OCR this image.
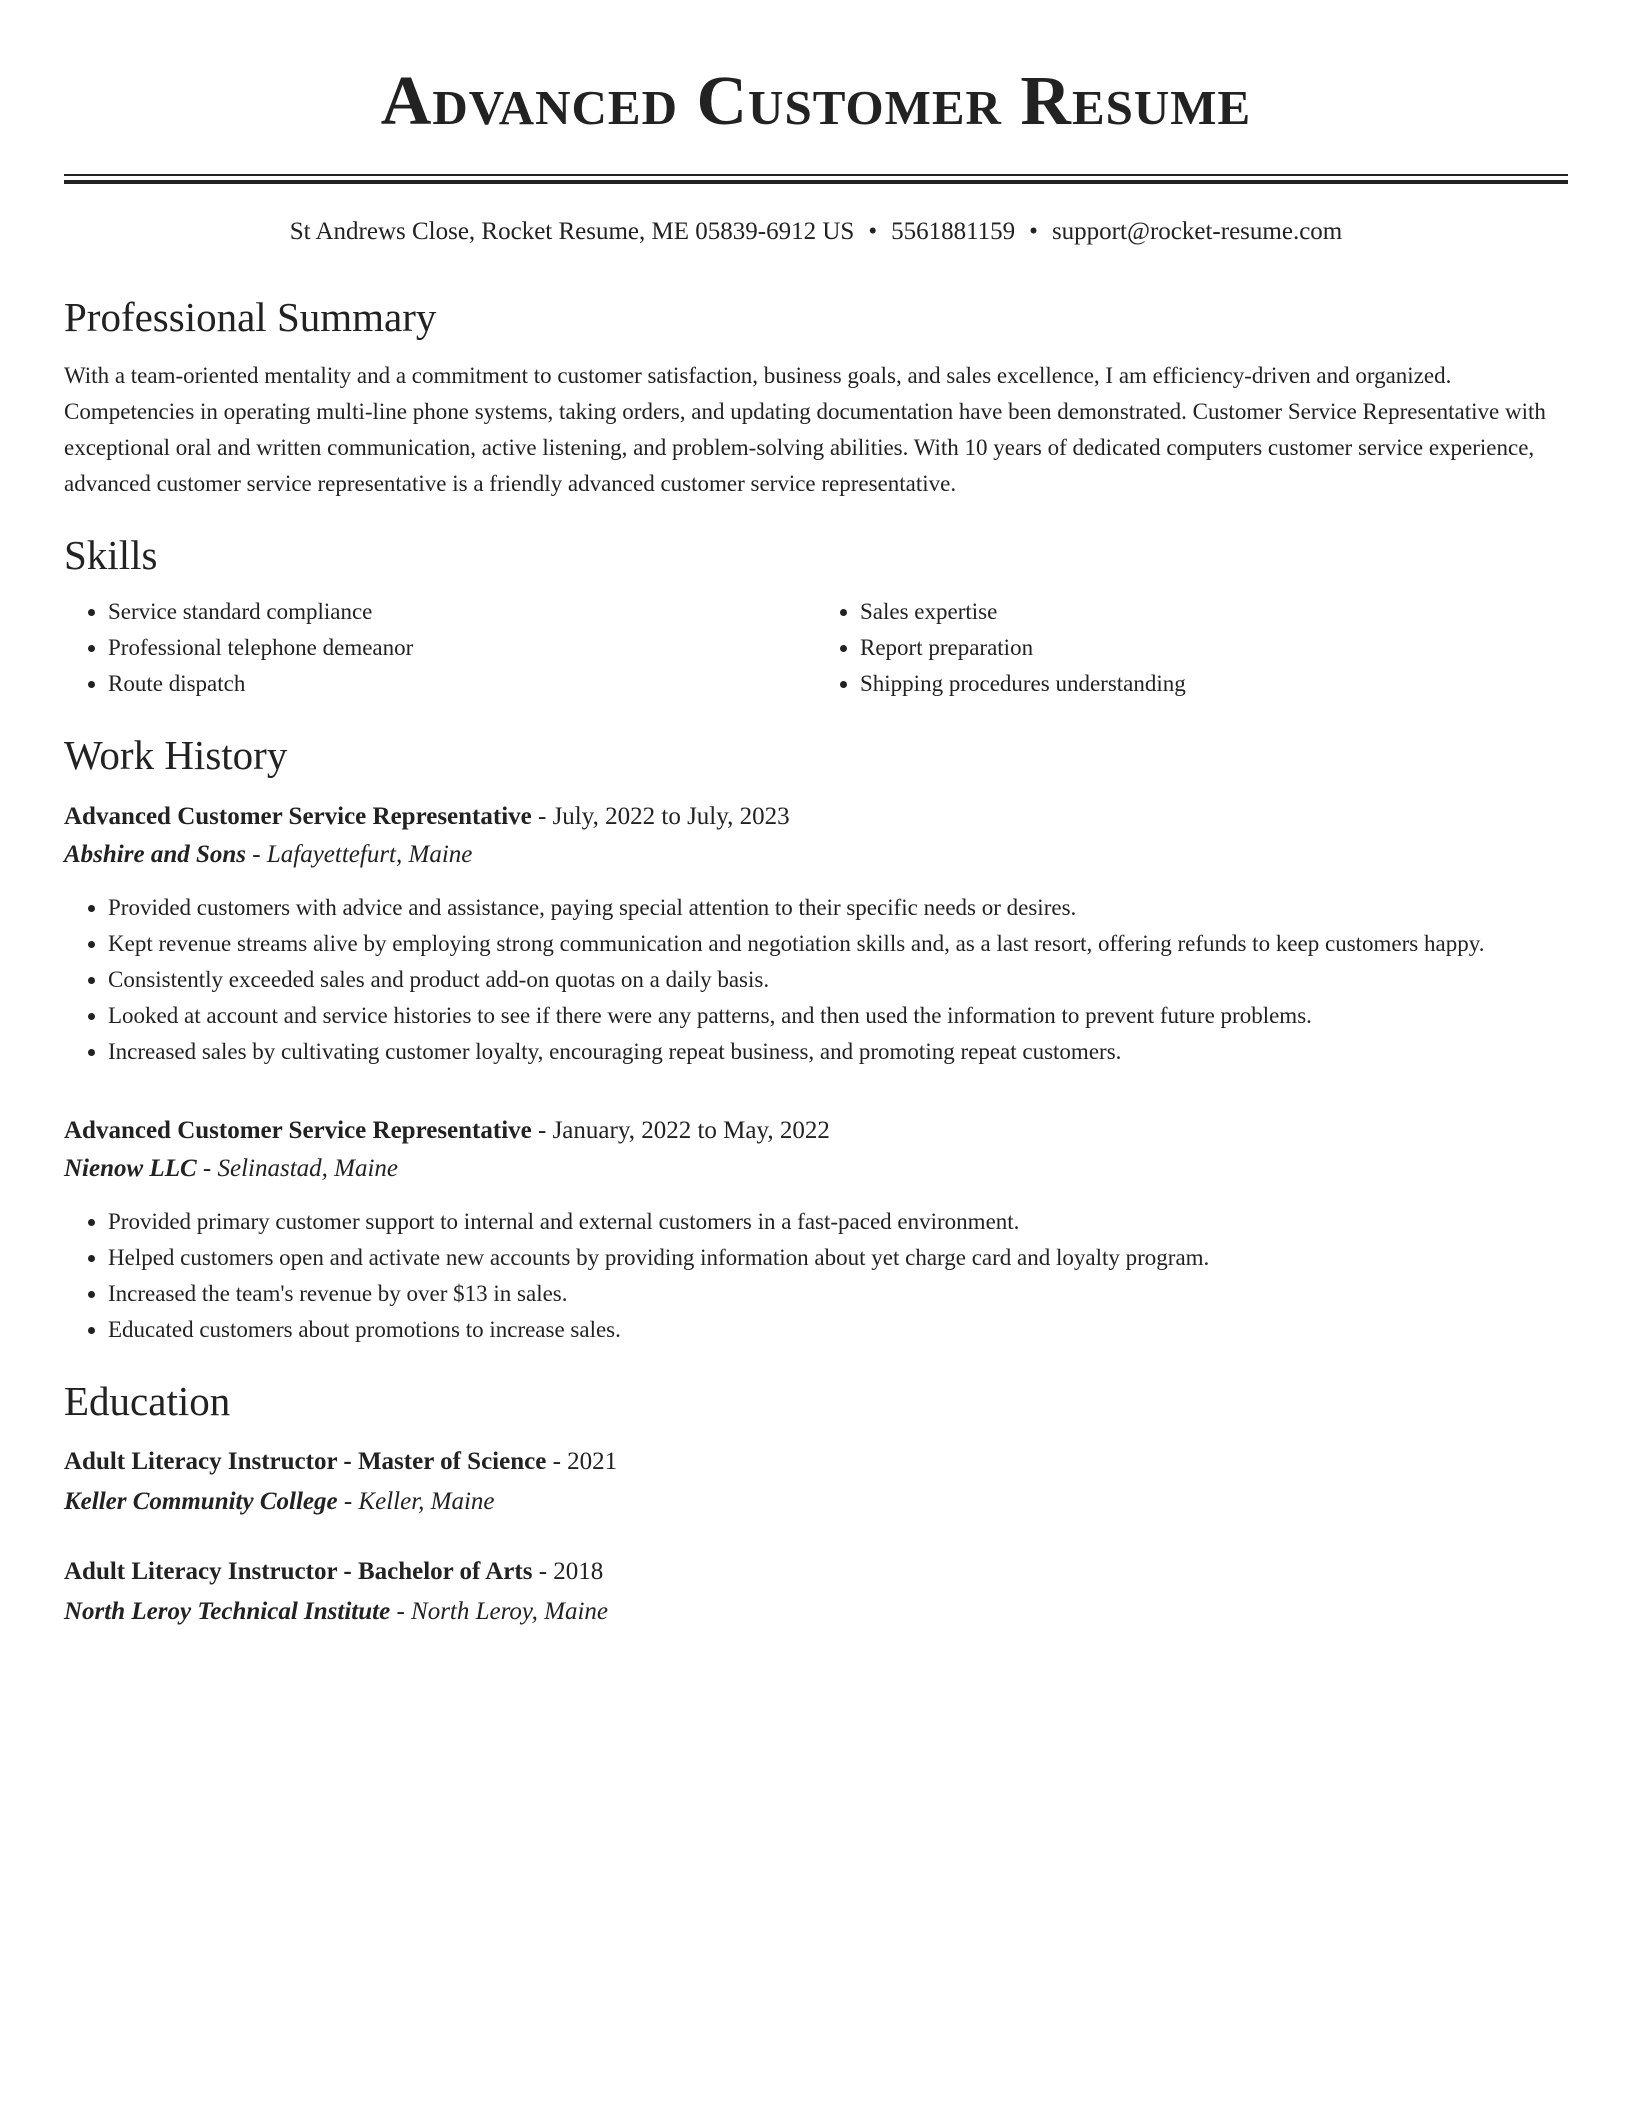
Advanced Customer Resume
St Andrews Close, Rocket Resume, ME 05839-6912 US • 5561881159 • support@rocket-resume.com
Professional Summary

With a team-oriented mentality and a commitment to customer satisfaction, business goals, and sales excellence, I am efficiency-driven and organized. Competencies in operating multi-line phone systems, taking orders, and updating documentation have been demonstrated. Customer Service Representative with exceptional oral and written communication, active listening, and problem-solving abilities. With 10 years of dedicated computers customer service experience, advanced customer service representative is a friendly advanced customer service representative.

Skills
• Service standard compliance
• Professional telephone demeanor
• Route dispatch
• Sales expertise
• Report preparation
• Shipping procedures understanding
Work History
Advanced Customer Service Representative - July, 2022 to July, 2023
Abshire and Sons - Lafayettefurt, Maine
• Provided customers with advice and assistance, paying special attention to their specific needs or desires.
• Kept revenue streams alive by employing strong communication and negotiation skills and, as a last resort, offering refunds to keep customers happy.
• Consistently exceeded sales and product add-on quotas on a daily basis.
• Looked at account and service histories to see if there were any patterns, and then used the information to prevent future problems.
• Increased sales by cultivating customer loyalty, encouraging repeat business, and promoting repeat customers.
Advanced Customer Service Representative - January, 2022 to May, 2022
Nienow LLC - Selinastad, Maine
• Provided primary customer support to internal and external customers in a fast-paced environment.
• Helped customers open and activate new accounts by providing information about yet charge card and loyalty program.
• Increased the team's revenue by over $13 in sales.
• Educated customers about promotions to increase sales.
Education
Adult Literacy Instructor - Master of Science - 2021
Keller Community College - Keller, Maine
Adult Literacy Instructor - Bachelor of Arts - 2018
North Leroy Technical Institute - North Leroy, Maine
